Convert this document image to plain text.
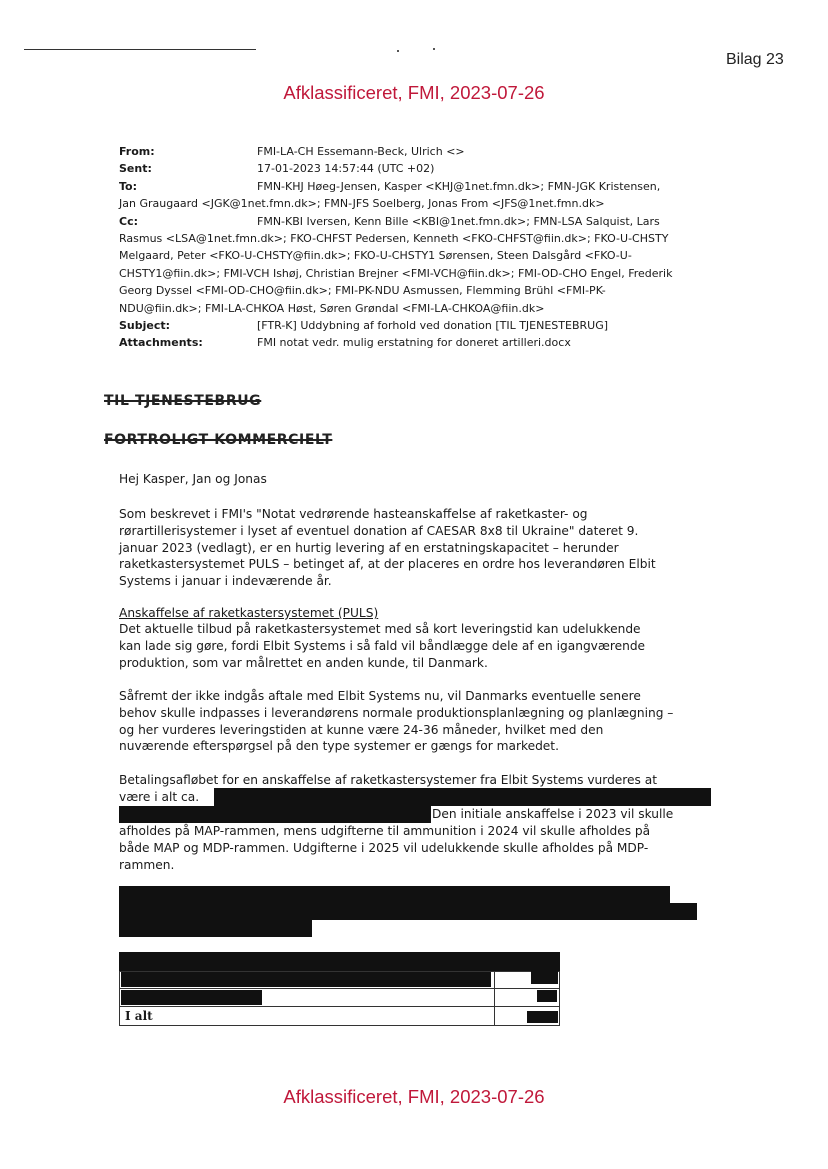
Bilag 23
Afklassificeret, FMI, 2023-07-26
From:	FMI-LA-CH Essemann-Beck, Ulrich <>
Sent:	17-01-2023 14:57:44 (UTC +02)
To:	FMN-KHJ Høeg-Jensen, Kasper <KHJ@1net.fmn.dk>; FMN-JGK Kristensen,
Jan Graugaard <JGK@1net.fmn.dk>; FMN-JFS Soelberg, Jonas From <JFS@1net.fmn.dk>
Cc:	FMN-KBI Iversen, Kenn Bille <KBI@1net.fmn.dk>; FMN-LSA Salquist, Lars
Rasmus <LSA@1net.fmn.dk>; FKO-CHFST Pedersen, Kenneth <FKO-CHFST@fiin.dk>; FKO-U-CHSTY
Melgaard, Peter <FKO-U-CHSTY@fiin.dk>; FKO-U-CHSTY1 Sørensen, Steen Dalsgård <FKO-U-
CHSTY1@fiin.dk>; FMI-VCH Ishøj, Christian Brejner <FMI-VCH@fiin.dk>; FMI-OD-CHO Engel, Frederik
Georg Dyssel <FMI-OD-CHO@fiin.dk>; FMI-PK-NDU Asmussen, Flemming Brühl <FMI-PK-
NDU@fiin.dk>; FMI-LA-CHKOA Høst, Søren Grøndal <FMI-LA-CHKOA@fiin.dk>
Subject:	[FTR-K] Uddybning af forhold ved donation [TIL TJENESTEBRUG]
Attachments:	FMI notat vedr. mulig erstatning for doneret artilleri.docx
TIL TJENESTEBRUG
FORTROLIGT KOMMERCIELT
Hej Kasper, Jan og Jonas
Som beskrevet i FMI's "Notat vedrørende hasteanskaffelse af raketkaster- og
rørartillerisystemer i lyset af eventuel donation af CAESAR 8x8 til Ukraine" dateret 9.
januar 2023 (vedlagt), er en hurtig levering af en erstatningskapacitet – herunder
raketkastersystemet PULS – betinget af, at der placeres en ordre hos leverandøren Elbit
Systems i januar i indeværende år.
Anskaffelse af raketkastersystemet (PULS)
Det aktuelle tilbud på raketkastersystemet med så kort leveringstid kan udelukkende
kan lade sig gøre, fordi Elbit Systems i så fald vil båndlægge dele af en igangværende
produktion, som var målrettet en anden kunde, til Danmark.
Såfremt der ikke indgås aftale med Elbit Systems nu, vil Danmarks eventuelle senere
behov skulle indpasses i leverandørens normale produktionsplanlægning og planlægning –
og her vurderes leveringstiden at kunne være 24-36 måneder, hvilket med den
nuværende efterspørgsel på den type systemer er gængs for markedet.
Betalingsafløbet for en anskaffelse af raketkastersystemer fra Elbit Systems vurderes at
være i alt ca.
Den initiale anskaffelse i 2023 vil skulle
afholdes på MAP-rammen, mens udgifterne til ammunition i 2024 vil skulle afholdes på
både MAP og MDP-rammen. Udgifterne i 2025 vil udelukkende skulle afholdes på MDP-
rammen.
I alt
Afklassificeret, FMI, 2023-07-26
